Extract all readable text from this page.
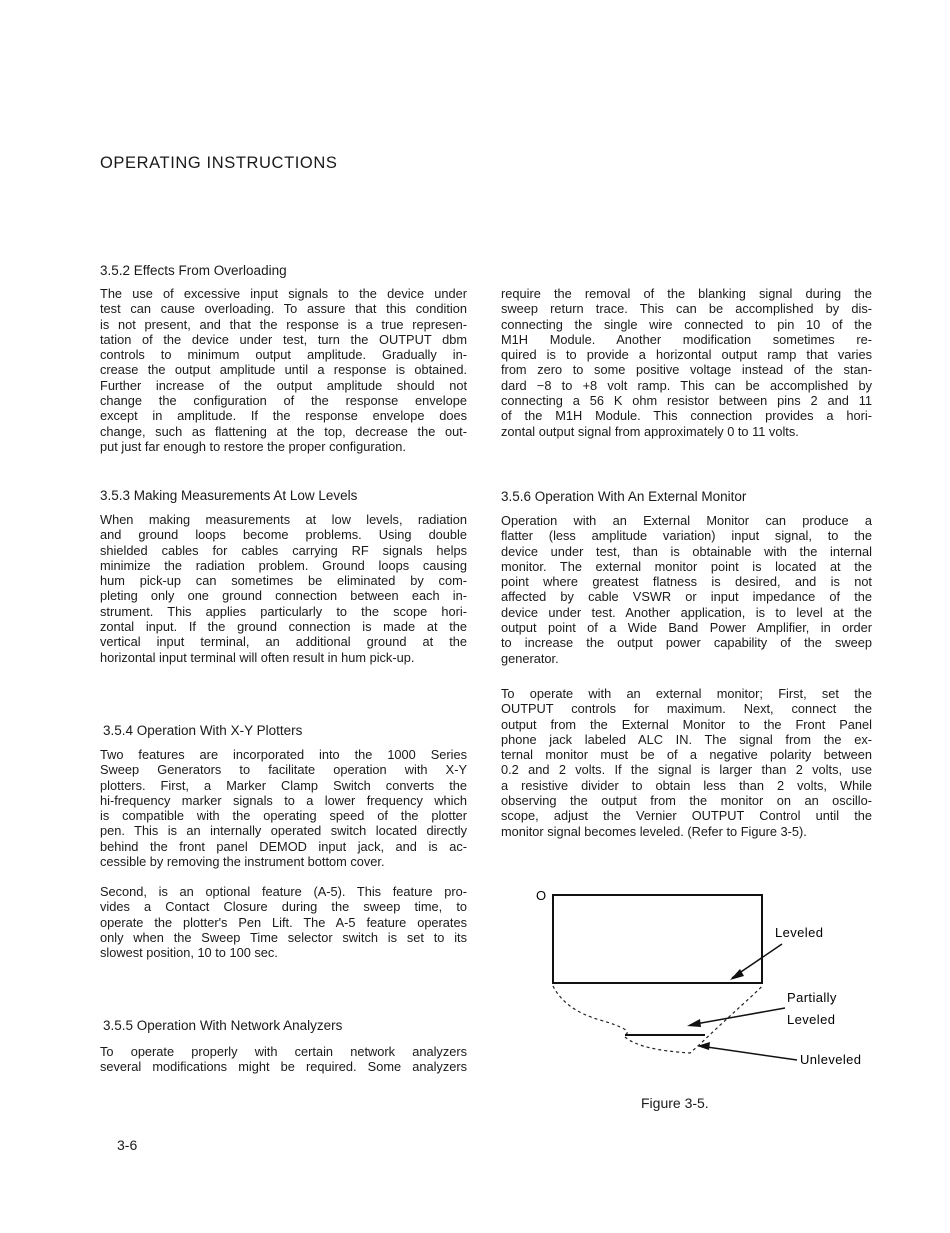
OPERATING INSTRUCTIONS
3.5.2 Effects From Overloading
The use of excessive input signals to the device under
test can cause overloading. To assure that this condition
is not present, and that the response is a true represen-
tation of the device under test, turn the OUTPUT dbm
controls to minimum output amplitude. Gradually in-
crease the output amplitude until a response is obtained.
Further increase of the output amplitude should not
change the configuration of the response envelope
except in amplitude. If the response envelope does
change, such as flattening at the top, decrease the out-
put just far enough to restore the proper configuration.
3.5.3 Making Measurements At Low Levels
When making measurements at low levels, radiation
and ground loops become problems. Using double
shielded cables for cables carrying RF signals helps
minimize the radiation problem. Ground loops causing
hum pick-up can sometimes be eliminated by com-
pleting only one ground connection between each in-
strument. This applies particularly to the scope hori-
zontal input. If the ground connection is made at the
vertical input terminal, an additional ground at the
horizontal input terminal will often result in hum pick-up.
3.5.4 Operation With X-Y Plotters
Two features are incorporated into the 1000 Series
Sweep Generators to facilitate operation with X-Y
plotters. First, a Marker Clamp Switch converts the
hi-frequency marker signals to a lower frequency which
is compatible with the operating speed of the plotter
pen. This is an internally operated switch located directly
behind the front panel DEMOD input jack, and is ac-
cessible by removing the instrument bottom cover.
Second, is an optional feature (A-5). This feature pro-
vides a Contact Closure during the sweep time, to
operate the plotter's Pen Lift. The A-5 feature operates
only when the Sweep Time selector switch is set to its
slowest position, 10 to 100 sec.
3.5.5 Operation With Network Analyzers
To operate properly with certain network analyzers
several modifications might be required. Some analyzers
require the removal of the blanking signal during the
sweep return trace. This can be accomplished by dis-
connecting the single wire connected to pin 10 of the
M1H Module. Another modification sometimes re-
quired is to provide a horizontal output ramp that varies
from zero to some positive voltage instead of the stan-
dard −8 to +8 volt ramp. This can be accomplished by
connecting a 56 K ohm resistor between pins 2 and 11
of the M1H Module. This connection provides a hori-
zontal output signal from approximately 0 to 11 volts.
3.5.6 Operation With An External Monitor
Operation with an External Monitor can produce a
flatter (less amplitude variation) input signal, to the
device under test, than is obtainable with the internal
monitor. The external monitor point is located at the
point where greatest flatness is desired, and is not
affected by cable VSWR or input impedance of the
device under test. Another application, is to level at the
output point of a Wide Band Power Amplifier, in order
to increase the output power capability of the sweep
generator.
To operate with an external monitor; First, set the
OUTPUT controls for maximum. Next, connect the
output from the External Monitor to the Front Panel
phone jack labeled ALC IN. The signal from the ex-
ternal monitor must be of a negative polarity between
0.2 and 2 volts. If the signal is larger than 2 volts, use
a resistive divider to obtain less than 2 volts, While
observing the output from the monitor on an oscillo-
scope, adjust the Vernier OUTPUT Control until the
monitor signal becomes leveled. (Refer to Figure 3-5).
O
Leveled
Partially
Leveled
Unleveled
Figure 3-5.
3-6
